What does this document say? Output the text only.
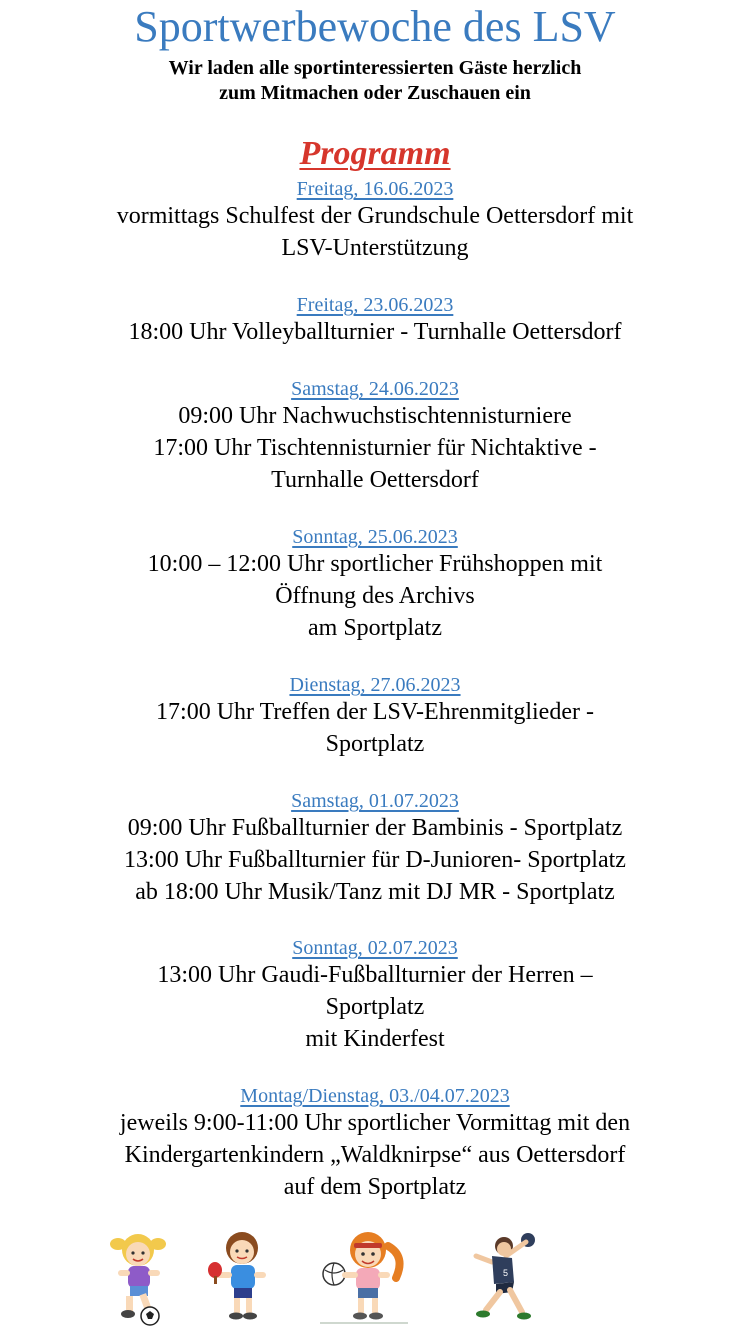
Sportwerbewoche des LSV
Wir laden alle sportinteressierten Gäste herzlich
zum Mitmachen oder Zuschauen ein
Programm
Freitag, 16.06.2023
vormittags Schulfest der Grundschule Oettersdorf mit
LSV-Unterstützung
Freitag, 23.06.2023
18:00 Uhr Volleyballturnier - Turnhalle Oettersdorf
Samstag, 24.06.2023
09:00 Uhr Nachwuchstischtennisturniere
17:00 Uhr Tischtennisturnier für Nichtaktive -
Turnhalle Oettersdorf
Sonntag, 25.06.2023
10:00 – 12:00 Uhr sportlicher Frühshoppen mit
Öffnung des Archivs
am Sportplatz
Dienstag, 27.06.2023
17:00 Uhr Treffen der LSV-Ehrenmitglieder -
Sportplatz
Samstag, 01.07.2023
09:00 Uhr Fußballturnier der Bambinis - Sportplatz
13:00 Uhr Fußballturnier für D-Junioren- Sportplatz
ab 18:00 Uhr Musik/Tanz mit DJ MR - Sportplatz
Sonntag, 02.07.2023
13:00 Uhr Gaudi-Fußballturnier der Herren –
Sportplatz
mit Kinderfest
Montag/Dienstag, 03./04.07.2023
jeweils 9:00-11:00 Uhr sportlicher Vormittag mit den
Kindergartenkindern „Waldknirpse“ aus Oettersdorf
auf dem Sportplatz
5
